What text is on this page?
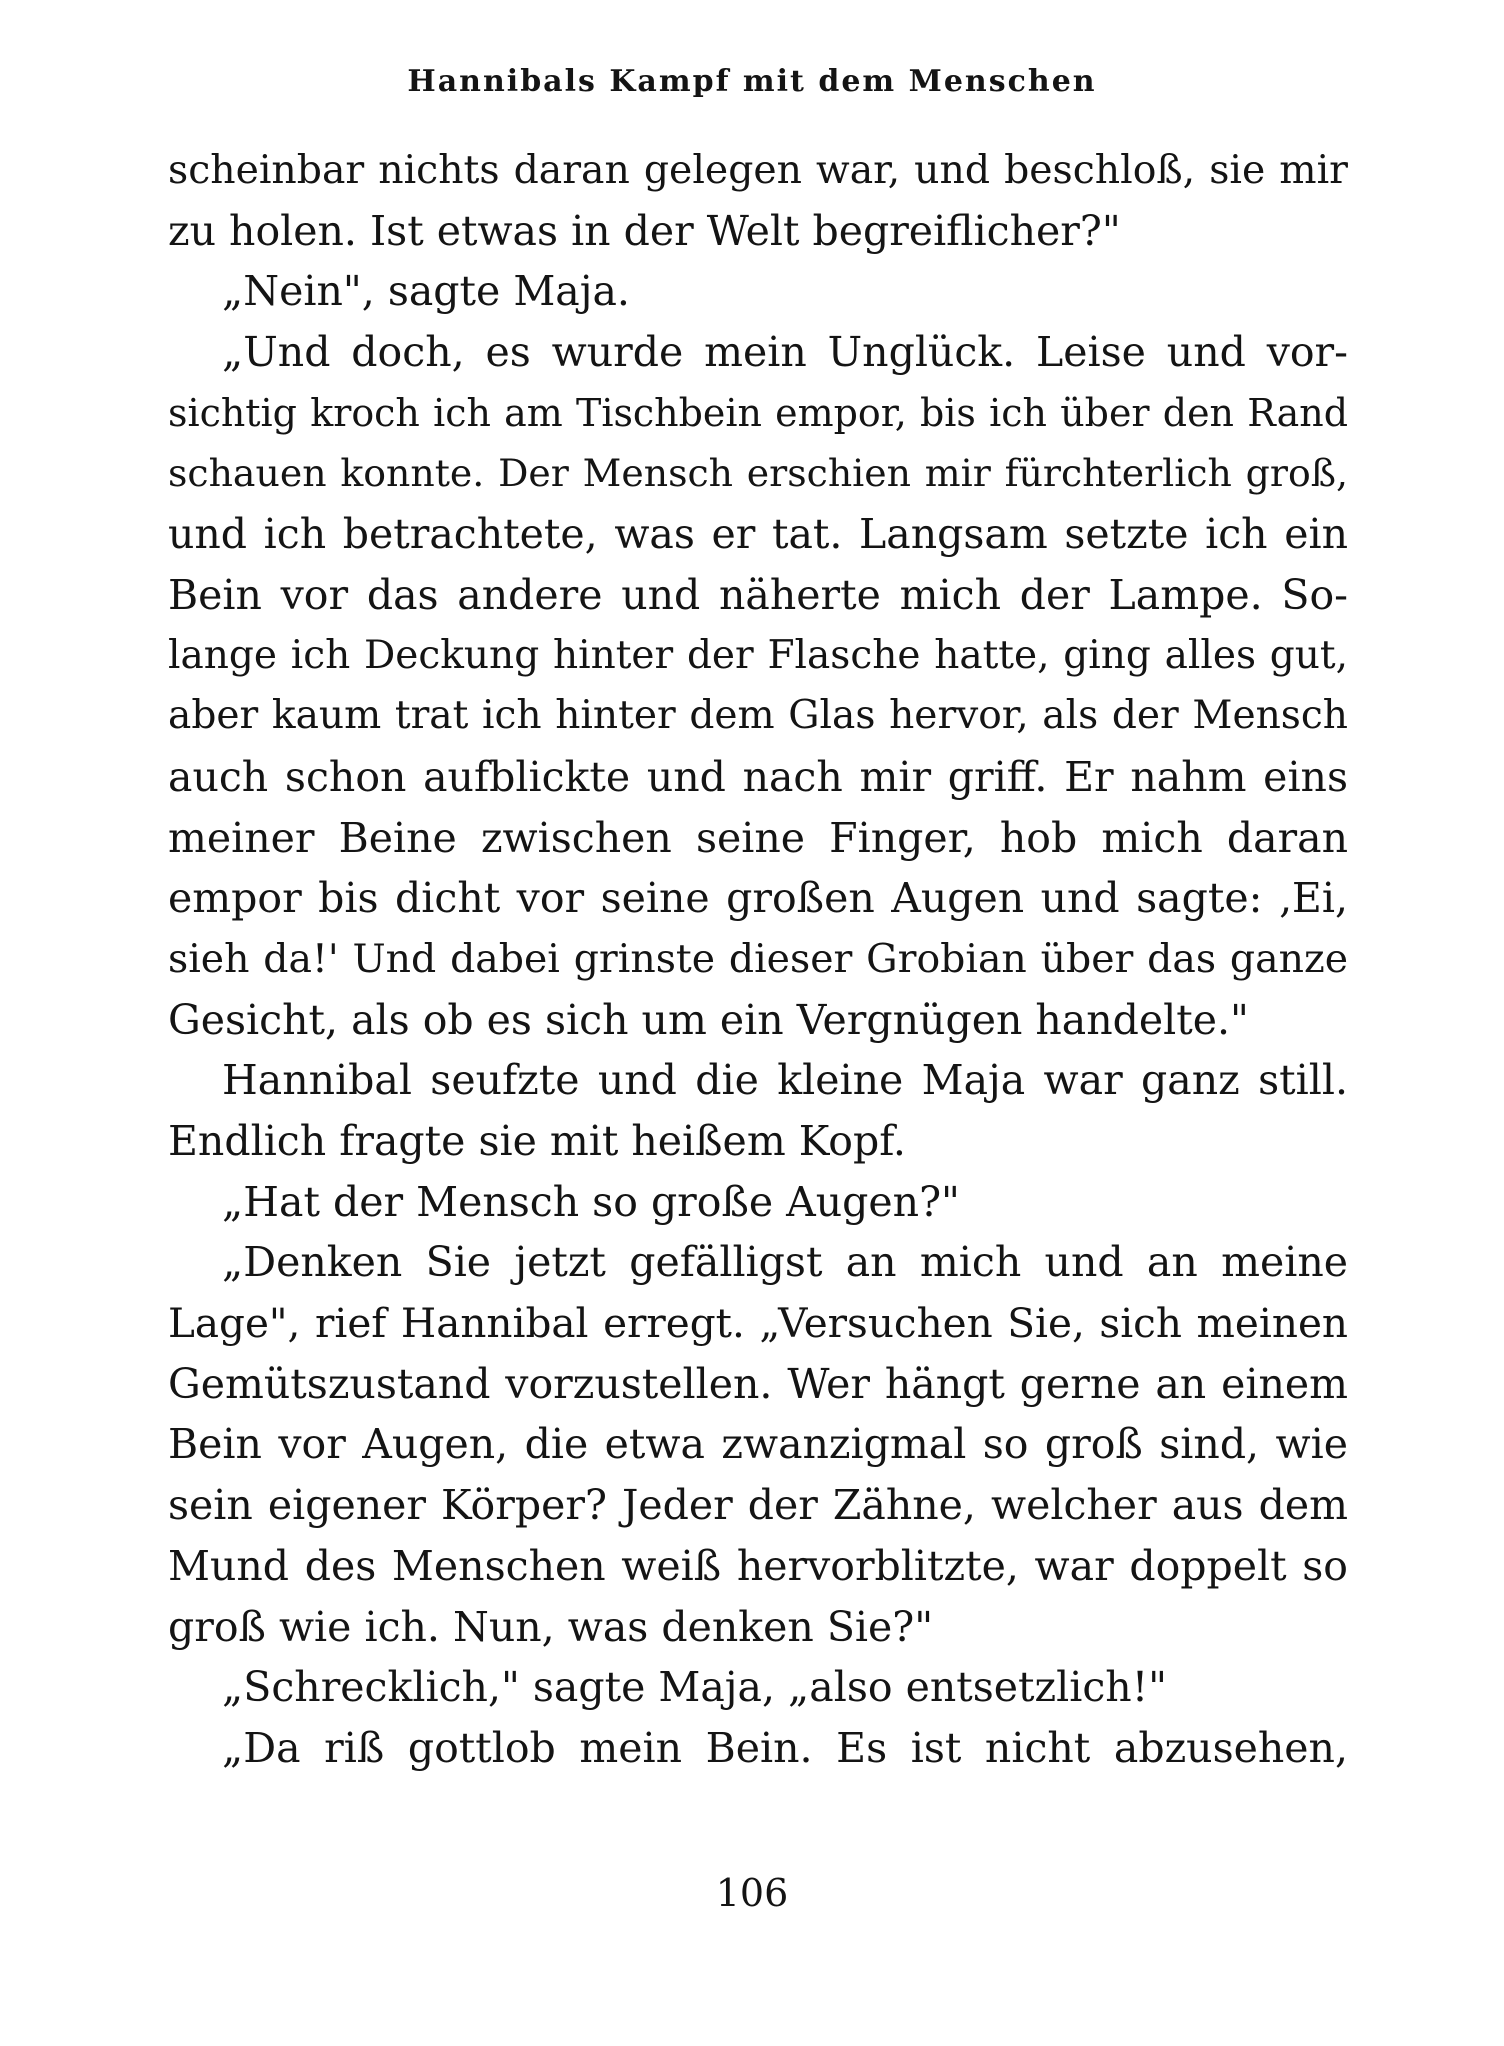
Hannibals Kampf mit dem Menschen
scheinbar nichts daran gelegen war, und beschloß, sie mir
zu holen. Ist etwas in der Welt begreiflicher?"
„Nein", sagte Maja.
„Und doch, es wurde mein Unglück. Leise und vor-
sichtig kroch ich am Tischbein empor, bis ich über den Rand
schauen konnte. Der Mensch erschien mir fürchterlich groß,
und ich betrachtete, was er tat. Langsam setzte ich ein
Bein vor das andere und näherte mich der Lampe. So-
lange ich Deckung hinter der Flasche hatte, ging alles gut,
aber kaum trat ich hinter dem Glas hervor, als der Mensch
auch schon aufblickte und nach mir griff. Er nahm eins
meiner Beine zwischen seine Finger, hob mich daran
empor bis dicht vor seine großen Augen und sagte: ‚Ei,
sieh da!' Und dabei grinste dieser Grobian über das ganze
Gesicht, als ob es sich um ein Vergnügen handelte."
Hannibal seufzte und die kleine Maja war ganz still.
Endlich fragte sie mit heißem Kopf.
„Hat der Mensch so große Augen?"
„Denken Sie jetzt gefälligst an mich und an meine
Lage", rief Hannibal erregt. „Versuchen Sie, sich meinen
Gemütszustand vorzustellen. Wer hängt gerne an einem
Bein vor Augen, die etwa zwanzigmal so groß sind, wie
sein eigener Körper? Jeder der Zähne, welcher aus dem
Mund des Menschen weiß hervorblitzte, war doppelt so
groß wie ich. Nun, was denken Sie?"
„Schrecklich," sagte Maja, „also entsetzlich!"
„Da riß gottlob mein Bein. Es ist nicht abzusehen,
106
